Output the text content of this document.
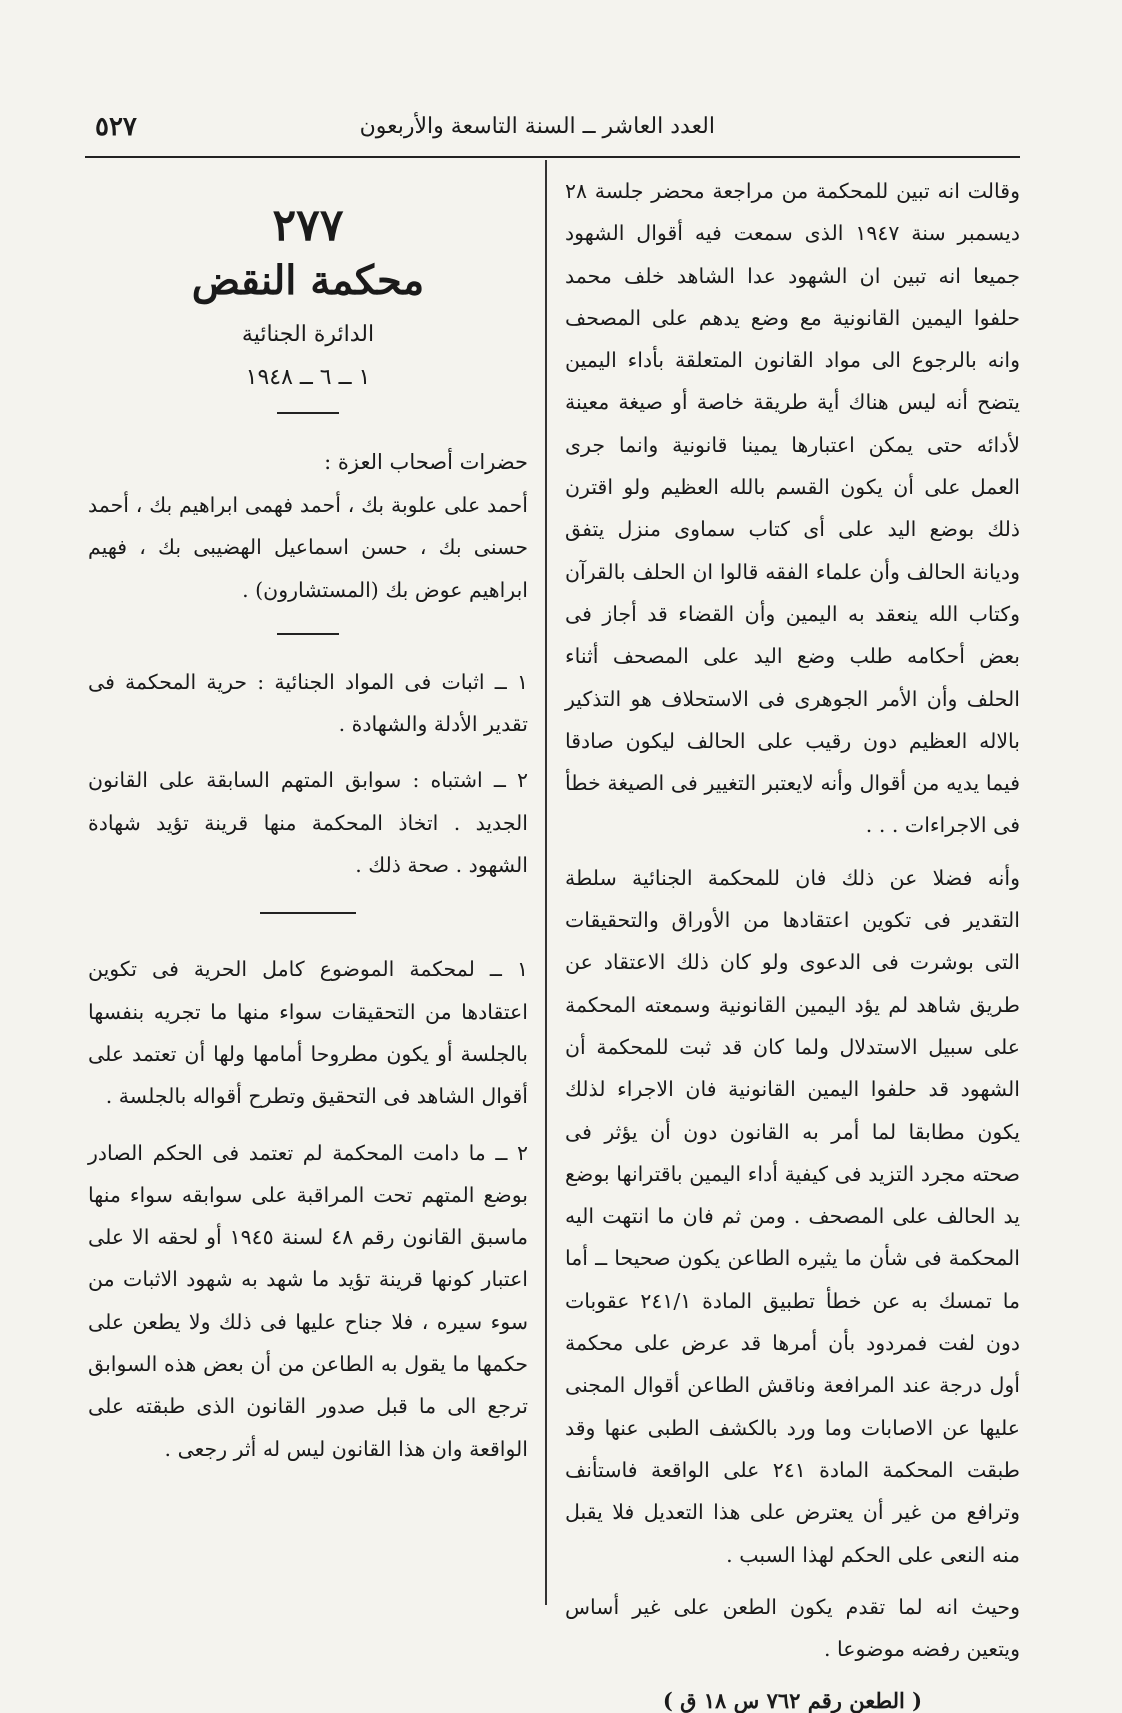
العدد العاشر ــ السنة التاسعة والأربعون
٥٢٧

وقالت انه تبين للمحكمة من مراجعة محضر جلسة ٢٨ ديسمبر سنة ١٩٤٧ الذى سمعت فيه أقوال الشهود جميعا انه تبين ان الشهود عدا الشاهد خلف محمد حلفوا اليمين القانونية مع وضع يدهم على المصحف وانه بالرجوع الى مواد القانون المتعلقة بأداء اليمين يتضح أنه ليس هناك أية طريقة خاصة أو صيغة معينة لأدائه حتى يمكن اعتبارها يمينا قانونية وانما جرى العمل على أن يكون القسم بالله العظيم ولو اقترن ذلك بوضع اليد على أى كتاب سماوى منزل يتفق وديانة الحالف وأن علماء الفقه قالوا ان الحلف بالقرآن وكتاب الله ينعقد به اليمين وأن القضاء قد أجاز فى بعض أحكامه طلب وضع اليد على المصحف أثناء الحلف وأن الأمر الجوهرى فى الاستحلاف هو التذكير بالاله العظيم دون رقيب على الحالف ليكون صادقا فيما يديه من أقوال وأنه لايعتبر التغيير فى الصيغة خطأ فى الاجراءات . . .

وأنه فضلا عن ذلك فان للمحكمة الجنائية سلطة التقدير فى تكوين اعتقادها من الأوراق والتحقيقات التى بوشرت فى الدعوى ولو كان ذلك الاعتقاد عن طريق شاهد لم يؤد اليمين القانونية وسمعته المحكمة على سبيل الاستدلال ولما كان قد ثبت للمحكمة أن الشهود قد حلفوا اليمين القانونية فان الاجراء لذلك يكون مطابقا لما أمر به القانون دون أن يؤثر فى صحته مجرد التزيد فى كيفية أداء اليمين باقترانها بوضع يد الحالف على المصحف . ومن ثم فان ما انتهت اليه المحكمة فى شأن ما يثيره الطاعن يكون صحيحا ــ أما ما تمسك به عن خطأ تطبيق المادة ٢٤١/١ عقوبات دون لفت فمردود بأن أمرها قد عرض على محكمة أول درجة عند المرافعة وناقش الطاعن أقوال المجنى عليها عن الاصابات وما ورد بالكشف الطبى عنها وقد طبقت المحكمة المادة ٢٤١ على الواقعة فاستأنف وترافع من غير أن يعترض على هذا التعديل فلا يقبل منه النعى على الحكم لهذا السبب .

وحيث انه لما تقدم يكون الطعن على غير أساس ويتعين رفضه موضوعا .

( الطعن رقم ٧٦٢ س ١٨ ق )
٢٧٧
محكمة النقض
الدائرة الجنائية
١ ــ ٦ ــ ١٩٤٨

حضرات أصحاب العزة :

أحمد على علوبة بك ، أحمد فهمى ابراهيم بك ، أحمد حسنى بك ، حسن اسماعيل الهضيبى بك ، فهيم ابراهيم عوض بك (المستشارون) .

١ ــ اثبات فى المواد الجنائية : حرية المحكمة فى تقدير الأدلة والشهادة .

٢ ــ اشتباه : سوابق المتهم السابقة على القانون الجديد . اتخاذ المحكمة منها قرينة تؤيد شهادة الشهود . صحة ذلك .

١ ــ لمحكمة الموضوع كامل الحرية فى تكوين اعتقادها من التحقيقات سواء منها ما تجريه بنفسها بالجلسة أو يكون مطروحا أمامها ولها أن تعتمد على أقوال الشاهد فى التحقيق وتطرح أقواله بالجلسة .

٢ ــ ما دامت المحكمة لم تعتمد فى الحكم الصادر بوضع المتهم تحت المراقبة على سوابقه سواء منها ماسبق القانون رقم ٤٨ لسنة ١٩٤٥ أو لحقه الا على اعتبار كونها قرينة تؤيد ما شهد به شهود الاثبات من سوء سيره ، فلا جناح عليها فى ذلك ولا يطعن على حكمها ما يقول به الطاعن من أن بعض هذه السوابق ترجع الى ما قبل صدور القانون الذى طبقته على الواقعة وان هذا القانون ليس له أثر رجعى .
